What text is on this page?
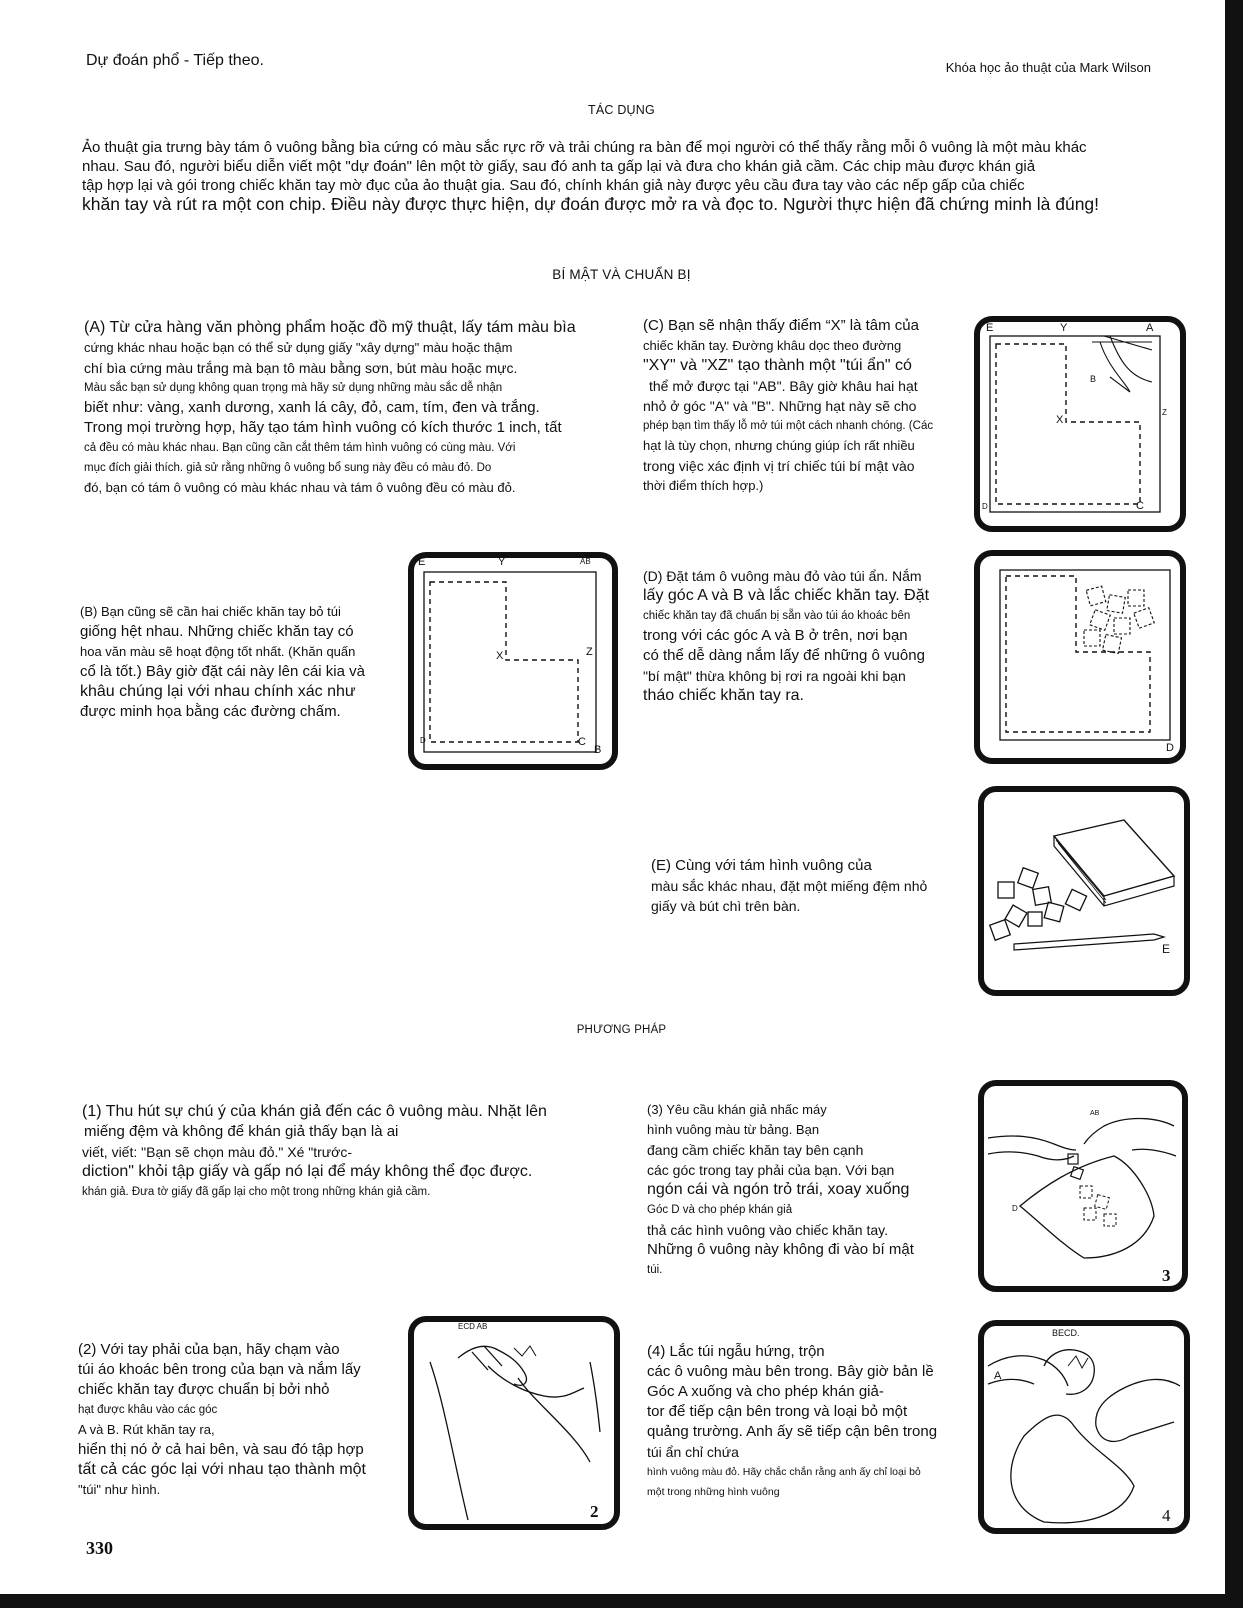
Dự đoán phổ - Tiếp theo.	Khóa học ảo thuật của Mark Wilson
TÁC DỤNG

Ảo thuật gia trưng bày tám ô vuông bằng bìa cứng có màu sắc rực rỡ và trải chúng ra bàn để mọi người có thể thấy rằng mỗi ô vuông là một màu khác

nhau. Sau đó, người biểu diễn viết một "dự đoán" lên một tờ giấy, sau đó anh ta gấp lại và đưa cho khán giả cầm. Các chip màu được khán giả

tập hợp lại và gói trong chiếc khăn tay mờ đục của ảo thuật gia. Sau đó, chính khán giả này được yêu cầu đưa tay vào các nếp gấp của chiếc

khăn tay và rút ra một con chip. Điều này được thực hiện, dự đoán được mở ra và đọc to. Người thực hiện đã chứng minh là đúng!

BÍ MẬT VÀ CHUẨN BỊ

(A) Từ cửa hàng văn phòng phẩm hoặc đồ mỹ thuật, lấy tám màu bìa

cứng khác nhau hoặc bạn có thể sử dụng giấy "xây dựng" màu hoặc thậm

chí bìa cứng màu trắng mà bạn tô màu bằng sơn, bút màu hoặc mực.

Màu sắc bạn sử dụng không quan trọng mà hãy sử dụng những màu sắc dễ nhận

biết như: vàng, xanh dương, xanh lá cây, đỏ, cam, tím, đen và trắng.

Trong mọi trường hợp, hãy tạo tám hình vuông có kích thước 1 inch, tất

cả đều có màu khác nhau. Bạn cũng cần cắt thêm tám hình vuông có cùng màu. Với

mục đích giải thích. giả sử rằng những ô vuông bổ sung này đều có màu đỏ. Do

đó, bạn có tám ô vuông có màu khác nhau và tám ô vuông đều có màu đỏ.

(C) Bạn sẽ nhận thấy điểm “X” là tâm của

chiếc khăn tay. Đường khâu dọc theo đường

"XY" và "XZ" tạo thành một "túi ẩn" có

thể mở được tại "AB". Bây giờ khâu hai hạt

nhỏ ở góc "A" và "B". Những hạt này sẽ cho

phép bạn tìm thấy lỗ mở túi một cách nhanh chóng. (Các

hạt là tùy chọn, nhưng chúng giúp ích rất nhiều

trong việc xác định vị trí chiếc túi bí mật vào

thời điểm thích hợp.)

E	Y	A
B
X
Z
D	C

(B) Bạn cũng sẽ cần hai chiếc khăn tay bỏ túi

giống hệt nhau. Những chiếc khăn tay có

hoa văn màu sẽ hoạt động tốt nhất. (Khăn quấn

cổ là tốt.) Bây giờ đặt cái này lên cái kia và

khâu chúng lại với nhau chính xác như

được minh họa bằng các đường chấm.

E	Y	AB
X	Z
D	C
B

(D) Đặt tám ô vuông màu đỏ vào túi ẩn. Nắm

lấy góc A và B và lắc chiếc khăn tay. Đặt

chiếc khăn tay đã chuẩn bị sẵn vào túi áo khoác bên

trong với các góc A và B ở trên, nơi bạn

có thể dễ dàng nắm lấy để những ô vuông

"bí mật" thừa không bị rơi ra ngoài khi bạn

tháo chiếc khăn tay ra.

D

(E) Cùng với tám hình vuông của

màu sắc khác nhau, đặt một miếng đệm nhỏ

giấy và bút chì trên bàn.

E
PHƯƠNG PHÁP

(1) Thu hút sự chú ý của khán giả đến các ô vuông màu. Nhặt lên

miếng đệm và không để khán giả thấy bạn là ai

viết, viết: "Bạn sẽ chọn màu đỏ." Xé "trước-

diction" khỏi tập giấy và gấp nó lại để máy không thể đọc được.

khán giả. Đưa tờ giấy đã gấp lại cho một trong những khán giả cầm.

(3) Yêu cầu khán giả nhấc máy

hình vuông màu từ bảng. Bạn

đang cầm chiếc khăn tay bên cạnh

các góc trong tay phải của bạn. Với bạn

ngón cái và ngón trỏ trái, xoay xuống

Góc D và cho phép khán giả

thả các hình vuông vào chiếc khăn tay.

Những ô vuông này không đi vào bí mật

túi.

AB
D
3

(2) Với tay phải của bạn, hãy chạm vào

túi áo khoác bên trong của bạn và nắm lấy

chiếc khăn tay được chuẩn bị bởi nhỏ

hạt được khâu vào các góc

A và B. Rút khăn tay ra,

hiển thị nó ở cả hai bên, và sau đó tập hợp

tất cả các góc lại với nhau tạo thành một

"túi" như hình.

ECD AB
2

(4) Lắc túi ngẫu hứng, trộn

các ô vuông màu bên trong. Bây giờ bản lề

Góc A xuống và cho phép khán giả-

tor để tiếp cận bên trong và loại bỏ một

quảng trường. Anh ấy sẽ tiếp cận bên trong

túi ẩn chỉ chứa

hình vuông màu đỏ. Hãy chắc chắn rằng anh ấy chỉ loại bỏ

một trong những hình vuông

BECD.
A
4
330
